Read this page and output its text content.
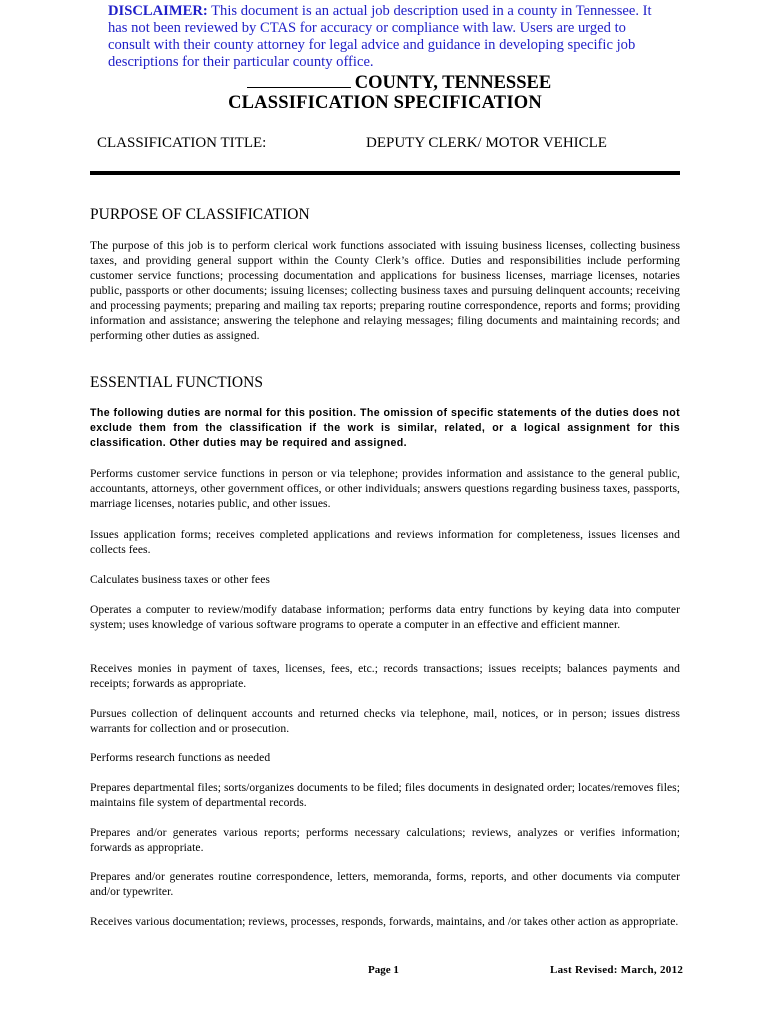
DISCLAIMER: This document is an actual job description used in a county in Tennessee. It has not been reviewed by CTAS for accuracy or compliance with law. Users are urged to consult with their county attorney for legal advice and guidance in developing specific job descriptions for their particular county office.
COUNTY, TENNESSEE
CLASSIFICATION SPECIFICATION
CLASSIFICATION TITLE:	DEPUTY CLERK/ MOTOR VEHICLE
PURPOSE OF CLASSIFICATION
The purpose of this job is to perform clerical work functions associated with issuing business licenses, collecting business taxes, and providing general support within the County Clerk’s office. Duties and responsibilities include performing customer service functions; processing documentation and applications for business licenses, marriage licenses, notaries public, passports or other documents; issuing licenses; collecting business taxes and pursuing delinquent accounts; receiving and processing payments; preparing and mailing tax reports; preparing routine correspondence, reports and forms; providing information and assistance; answering the telephone and relaying messages; filing documents and maintaining records; and performing other duties as assigned.
ESSENTIAL FUNCTIONS
The following duties are normal for this position. The omission of specific statements of the duties does not exclude them from the classification if the work is similar, related, or a logical assignment for this classification. Other duties may be required and assigned.
Performs customer service functions in person or via telephone; provides information and assistance to the general public, accountants, attorneys, other government offices, or other individuals; answers questions regarding business taxes, passports, marriage licenses, notaries public, and other issues.
Issues application forms; receives completed applications and reviews information for completeness, issues licenses and collects fees.
Calculates business taxes or other fees
Operates a computer to review/modify database information; performs data entry functions by keying data into computer system; uses knowledge of various software programs to operate a computer in an effective and efficient manner.
Receives monies in payment of taxes, licenses, fees, etc.; records transactions; issues receipts; balances payments and receipts; forwards as appropriate.
Pursues collection of delinquent accounts and returned checks via telephone, mail, notices, or in person; issues distress warrants for collection and or prosecution.
Performs research functions as needed
Prepares departmental files; sorts/organizes documents to be filed; files documents in designated order; locates/removes files; maintains file system of departmental records.
Prepares and/or generates various reports; performs necessary calculations; reviews, analyzes or verifies information; forwards as appropriate.
Prepares and/or generates routine correspondence, letters, memoranda, forms, reports, and other documents via computer and/or typewriter.
Receives various documentation; reviews, processes, responds, forwards, maintains, and /or takes other action as appropriate.
Page 1	Last Revised: March, 2012
